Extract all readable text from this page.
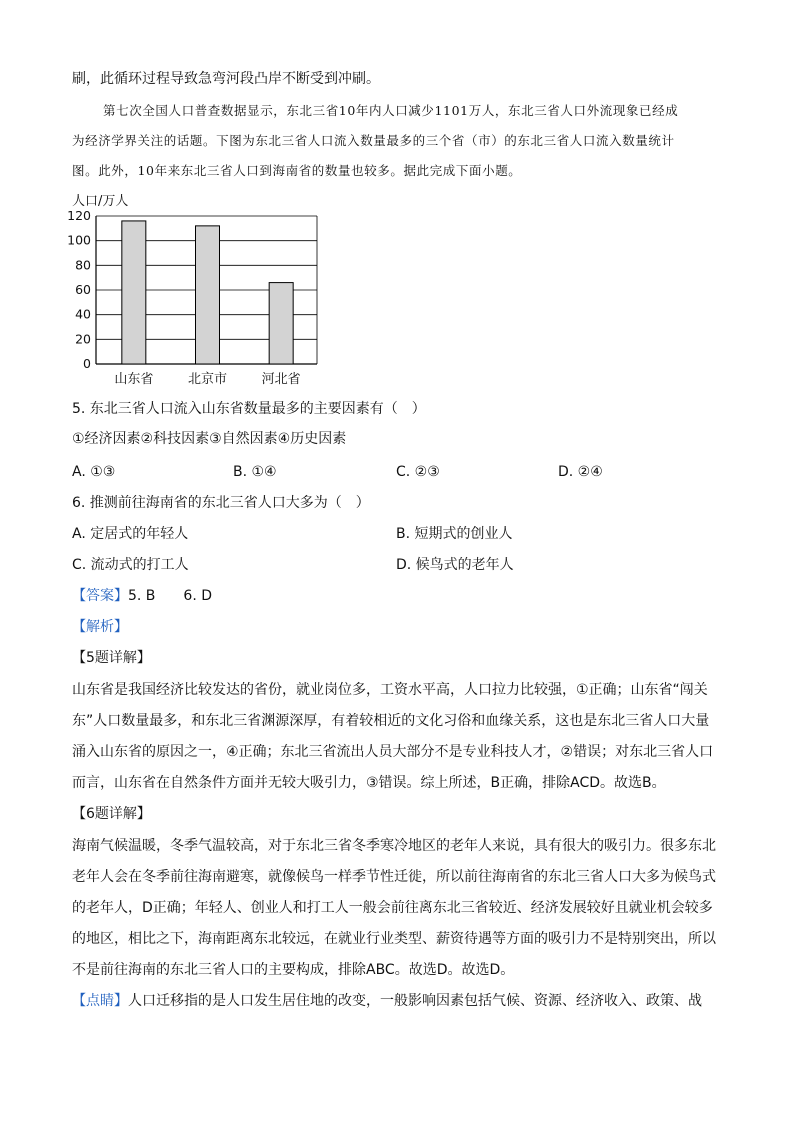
刷，此循环过程导致急弯河段凸岸不断受到冲刷。
第七次全国人口普查数据显示，东北三省10年内人口减少1101万人，东北三省人口外流现象已经成
为经济学界关注的话题。下图为东北三省人口流入数量最多的三个省（市）的东北三省人口流入数量统计
图。此外，10年来东北三省人口到海南省的数量也较多。据此完成下面小题。
人口/万人
0
20
40
60
80
100
120
山东省	北京市	河北省
5. 东北三省人口流入山东省数量最多的主要因素有（　）
①经济因素②科技因素③自然因素④历史因素
A. ①③	B. ①④	C. ②③	D. ②④
6. 推测前往海南省的东北三省人口大多为（　）
A. 定居式的年轻人	B. 短期式的创业人
C. 流动式的打工人	D. 候鸟式的老年人
【答案】5. B　　6. D
【解析】
【5题详解】
山东省是我国经济比较发达的省份，就业岗位多，工资水平高，人口拉力比较强，①正确；山东省“闯关
东”人口数量最多，和东北三省渊源深厚，有着较相近的文化习俗和血缘关系，这也是东北三省人口大量
涌入山东省的原因之一，④正确；东北三省流出人员大部分不是专业科技人才，②错误；对东北三省人口
而言，山东省在自然条件方面并无较大吸引力，③错误。综上所述，B正确，排除ACD。故选B。
【6题详解】
海南气候温暖，冬季气温较高，对于东北三省冬季寒冷地区的老年人来说，具有很大的吸引力。很多东北
老年人会在冬季前往海南避寒，就像候鸟一样季节性迁徙，所以前往海南省的东北三省人口大多为候鸟式
的老年人，D正确；年轻人、创业人和打工人一般会前往离东北三省较近、经济发展较好且就业机会较多
的地区，相比之下，海南距离东北较远，在就业行业类型、薪资待遇等方面的吸引力不是特别突出，所以
不是前往海南的东北三省人口的主要构成，排除ABC。故选D。故选D。
【点睛】人口迁移指的是人口发生居住地的改变，一般影响因素包括气候、资源、经济收入、政策、战
